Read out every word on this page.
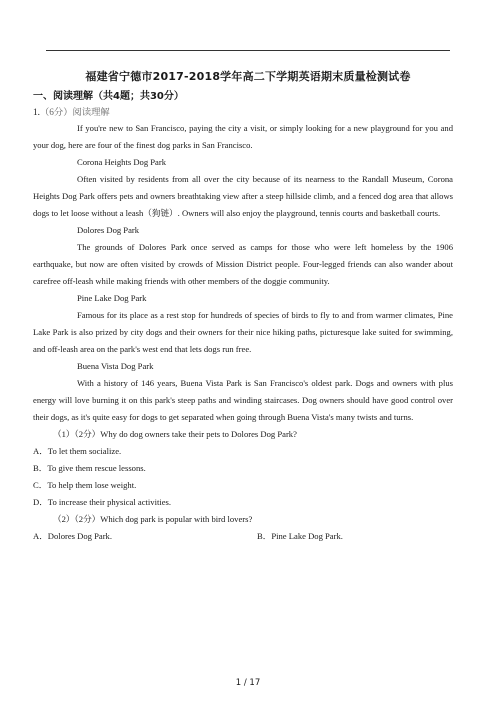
福建省宁德市2017-2018学年高二下学期英语期末质量检测试卷
一、阅读理解（共4题；共30分）
1.（6分）阅读理解

If you're new to San Francisco, paying the city a visit, or simply looking for a new playground for you and your dog, here are four of the finest dog parks in San Francisco.

Corona Heights Dog Park

Often visited by residents from all over the city because of its nearness to the Randall Museum, Corona Heights Dog Park offers pets and owners breathtaking view after a steep hillside climb, and a fenced dog area that allows dogs to let loose without a leash（狗链）. Owners will also enjoy the playground, tennis courts and basketball courts.

Dolores Dog Park

The grounds of Dolores Park once served as camps for those who were left homeless by the 1906 earthquake, but now are often visited by crowds of Mission District people. Four-legged friends can also wander about carefree off-leash while making friends with other members of the doggie community.

Pine Lake Dog Park

Famous for its place as a rest stop for hundreds of species of birds to fly to and from warmer climates, Pine Lake Park is also prized by city dogs and their owners for their nice hiking paths, picturesque lake suited for swimming, and off-leash area on the park's west end that lets dogs run free.

Buena Vista Dog Park

With a history of 146 years, Buena Vista Park is San Francisco's oldest park. Dogs and owners with plus energy will love burning it on this park's steep paths and winding staircases. Dog owners should have good control over their dogs, as it's quite easy for dogs to get separated when going through Buena Vista's many twists and turns.

（1）（2分）Why do dog owners take their pets to Dolores Dog Park?

A．To let them socialize.

B．To give them rescue lessons.

C．To help them lose weight.

D．To increase their physical activities.

（2）（2分）Which dog park is popular with bird lovers?

A．Dolores Dog Park.	B．Pine Lake Dog Park.
1 / 17
